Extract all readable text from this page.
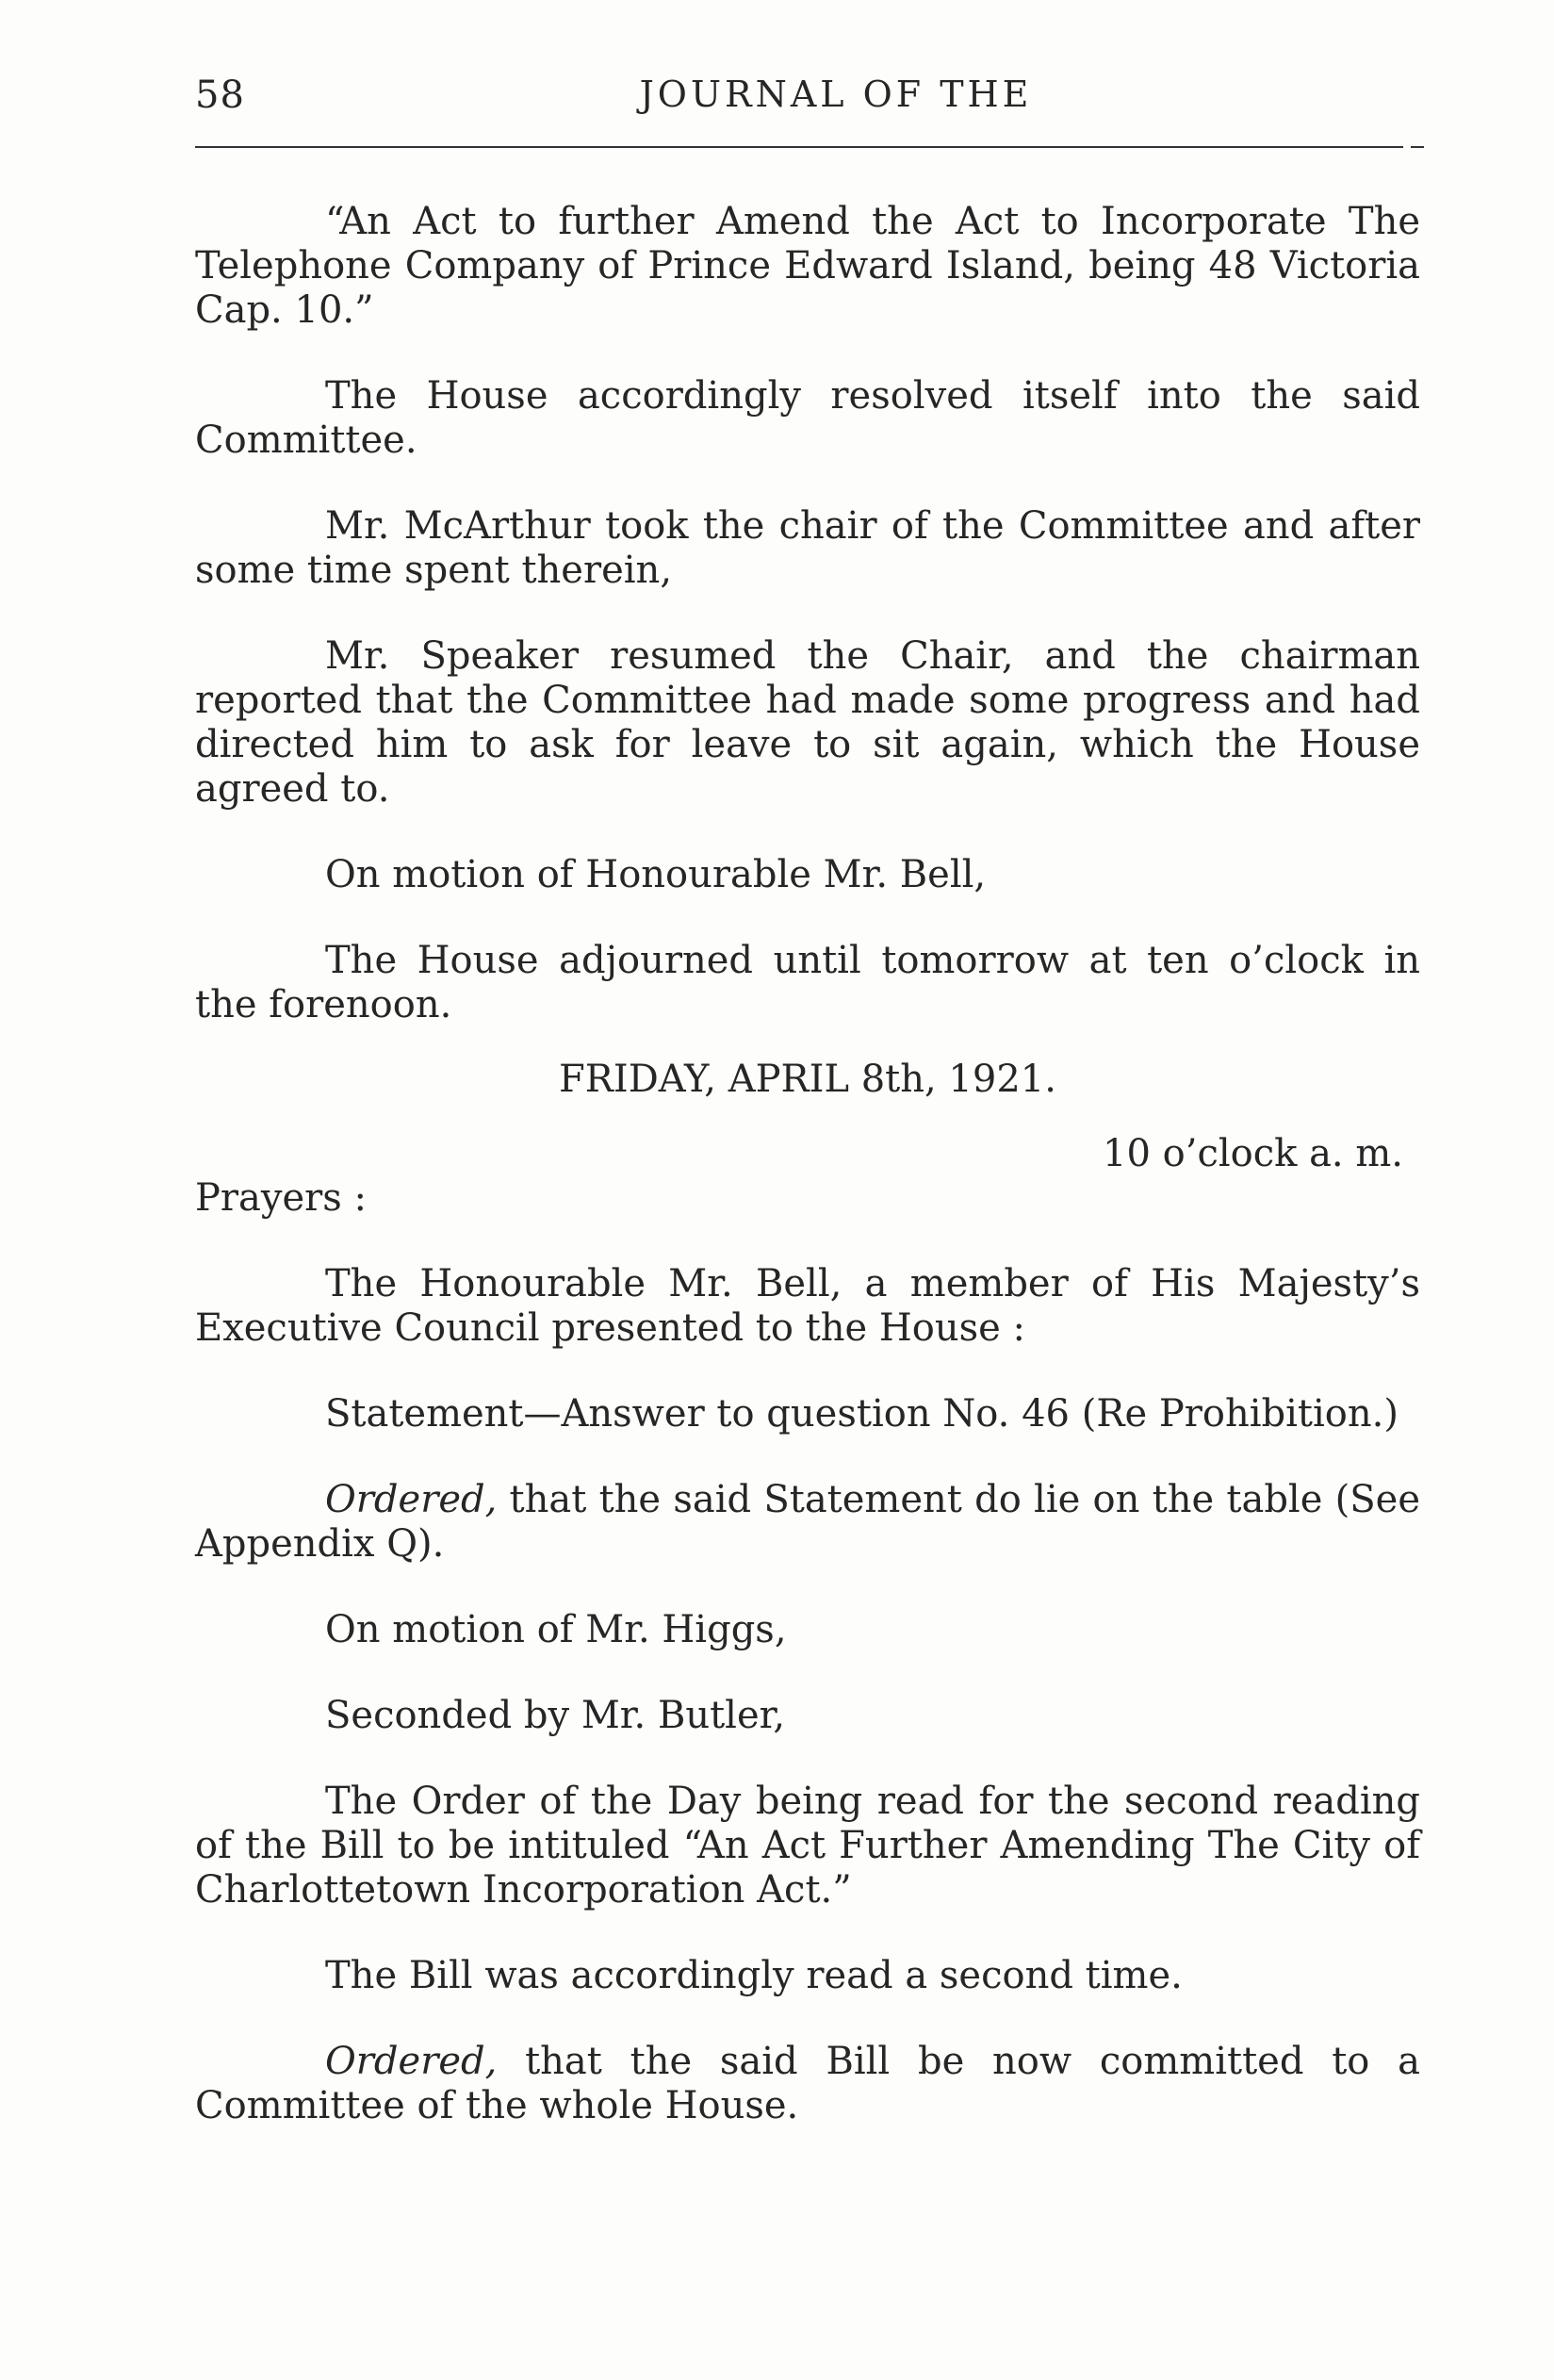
58	JOURNAL OF THE

“An Act to further Amend the Act to Incorporate The Telephone Company of Prince Edward Island, being 48 Victoria Cap. 10.”

The House accordingly resolved itself into the said Committee.

Mr. McArthur took the chair of the Committee and after some time spent therein,

Mr. Speaker resumed the Chair, and the chairman reported that the Committee had made some progress and had directed him to ask for leave to sit again, which the House agreed to.

On motion of Honourable Mr. Bell,

The House adjourned until tomorrow at ten o’clock in the forenoon.

FRIDAY, APRIL 8th, 1921.

10 o’clock a. m.

Prayers :

The Honourable Mr. Bell, a member of His Majesty’s Executive Council presented to the House :

Statement—Answer to question No. 46 (Re Prohibition.)

Ordered, that the said Statement do lie on the table (See Appendix Q).

On motion of Mr. Higgs,

Seconded by Mr. Butler,

The Order of the Day being read for the second reading of the Bill to be intituled “An Act Further Amending The City of Charlottetown Incorporation Act.”

The Bill was accordingly read a second time.

Ordered, that the said Bill be now committed to a Committee of the whole House.
